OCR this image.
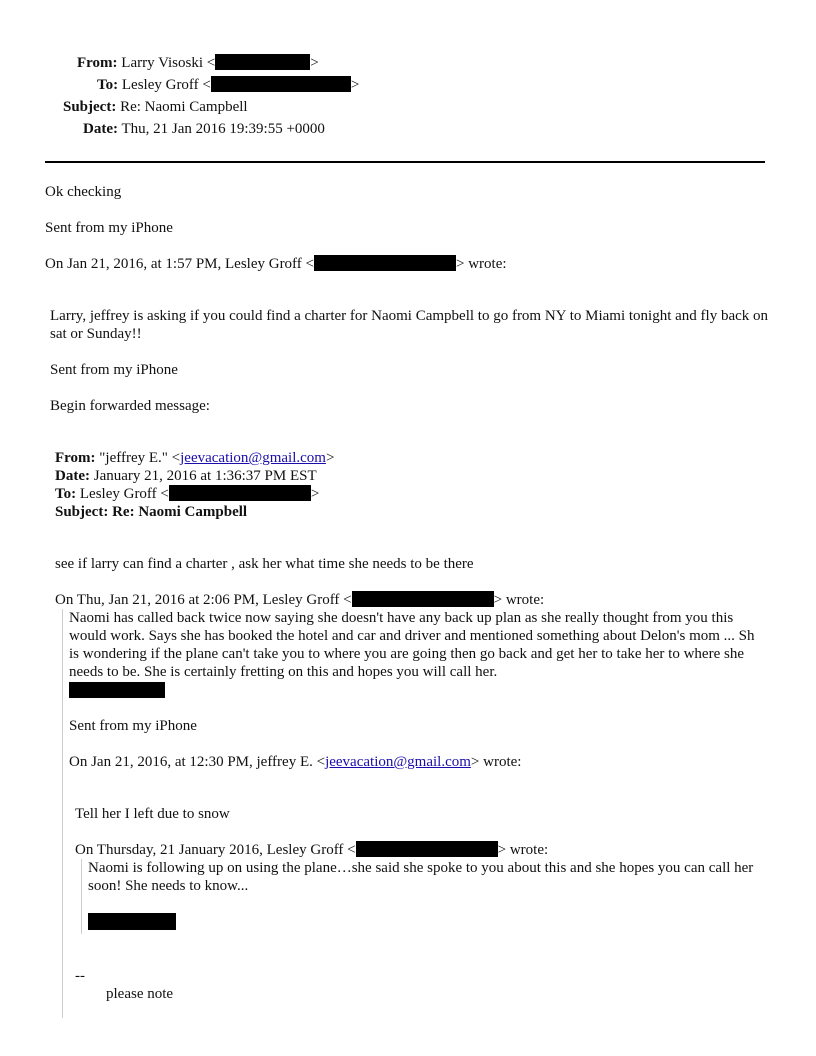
From: Larry Visoski <	>
To: Lesley Groff <	>
Subject: Re: Naomi Campbell
Date: Thu, 21 Jan 2016 19:39:55 +0000
Ok checking
Sent from my iPhone
On Jan 21, 2016, at 1:57 PM, Lesley Groff <	> wrote:
Larry, jeffrey is asking if you could find a charter for Naomi Campbell to go from NY to Miami tonight and fly back on sat or Sunday!!
Sent from my iPhone
Begin forwarded message:
From: "jeffrey E." <jeevacation@gmail.com>
Date: January 21, 2016 at 1:36:37 PM EST
To: Lesley Groff <	>
Subject: Re: Naomi Campbell
see if larry can find a charter , ask her what time she needs to be there
On Thu, Jan 21, 2016 at 2:06 PM, Lesley Groff <	> wrote:
Naomi has called back twice now saying she doesn't have any back up plan as she really thought from you this would work. Says she has booked the hotel and car and driver and mentioned something about Delon's mom ... Sh is wondering if the plane can't take you to where you are going then go back and get her to take her to where she needs to be. She is certainly fretting on this and hopes you will call her.
Sent from my iPhone
On Jan 21, 2016, at 12:30 PM, jeffrey E. <jeevacation@gmail.com> wrote:
Tell her I left due to snow
On Thursday, 21 January 2016, Lesley Groff <	> wrote:
Naomi is following up on using the plane…she said she spoke to you about this and she hopes you can call her soon! She needs to know...
--
please note
